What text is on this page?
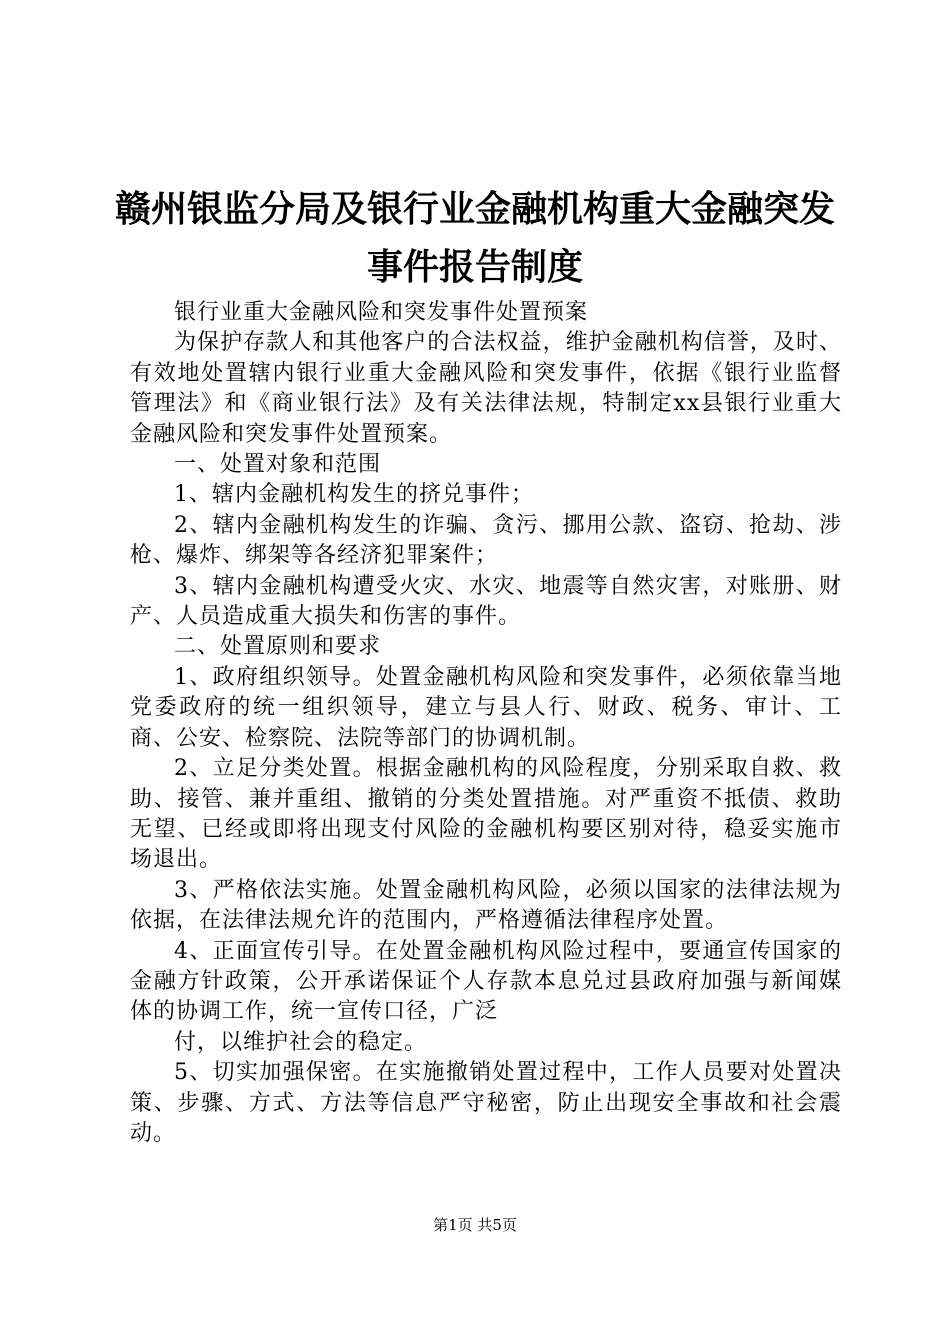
赣州银监分局及银行业金融机构重大金融突发
事件报告制度

银行业重大金融风险和突发事件处置预案

为保护存款人和其他客户的合法权益，维护金融机构信誉，及时、有效地处置辖内银行业重大金融风险和突发事件，依据《银行业监督管理法》和《商业银行法》及有关法律法规，特制定xx县银行业重大金融风险和突发事件处置预案。

一、处置对象和范围

1、辖内金融机构发生的挤兑事件；

2、辖内金融机构发生的诈骗、贪污、挪用公款、盗窃、抢劫、涉枪、爆炸、绑架等各经济犯罪案件；

3、辖内金融机构遭受火灾、水灾、地震等自然灾害，对账册、财产、人员造成重大损失和伤害的事件。

二、处置原则和要求

1、政府组织领导。处置金融机构风险和突发事件，必须依靠当地党委政府的统一组织领导，建立与县人行、财政、税务、审计、工商、公安、检察院、法院等部门的协调机制。

2、立足分类处置。根据金融机构的风险程度，分别采取自救、救助、接管、兼并重组、撤销的分类处置措施。对严重资不抵债、救助无望、已经或即将出现支付风险的金融机构要区别对待，稳妥实施市场退出。

3、严格依法实施。处置金融机构风险，必须以国家的法律法规为依据，在法律法规允许的范围内，严格遵循法律程序处置。

4、正面宣传引导。在处置金融机构风险过程中，要通宣传国家的金融方针政策，公开承诺保证个人存款本息兑过县政府加强与新闻媒体的协调工作，统一宣传口径，广泛

付，以维护社会的稳定。

5、切实加强保密。在实施撤销处置过程中，工作人员要对处置决策、步骤、方式、方法等信息严守秘密，防止出现安全事故和社会震动。

第1页 共5页
